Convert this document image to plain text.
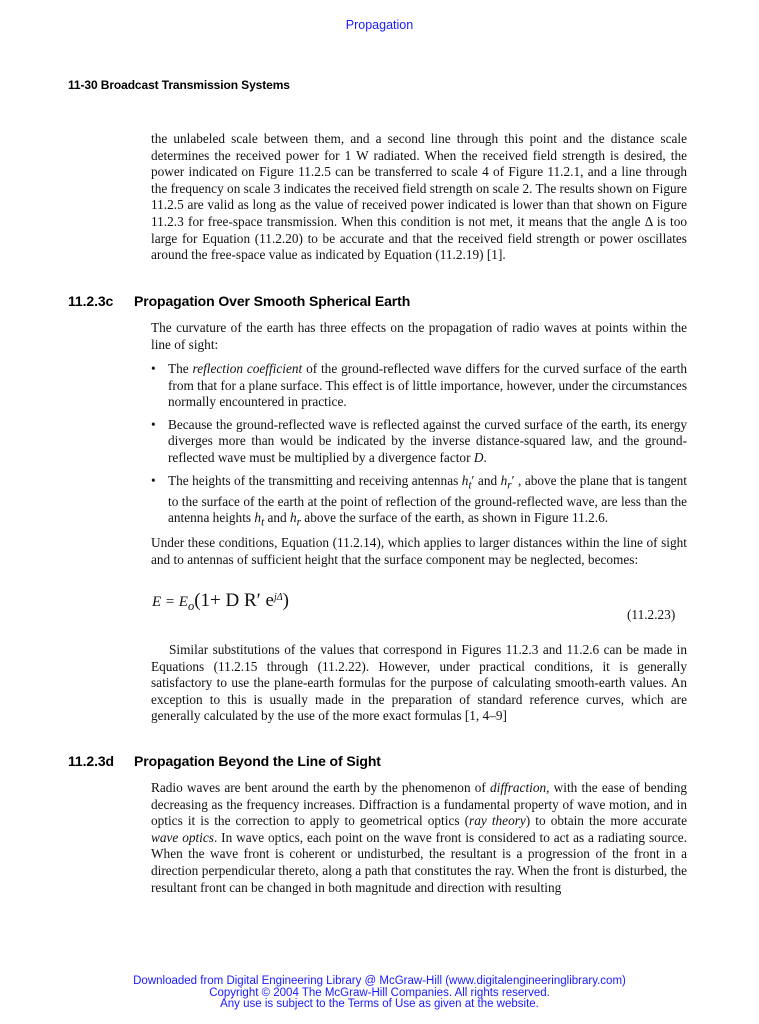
Propagation
11-30 Broadcast Transmission Systems

the unlabeled scale between them, and a second line through this point and the distance scale determines the received power for 1 W radiated. When the received field strength is desired, the power indicated on Figure 11.2.5 can be transferred to scale 4 of Figure 11.2.1, and a line through the frequency on scale 3 indicates the received field strength on scale 2. The results shown on Figure 11.2.5 are valid as long as the value of received power indicated is lower than that shown on Figure 11.2.3 for free-space transmission. When this condition is not met, it means that the angle Δ is too large for Equation (11.2.20) to be accurate and that the received field strength or power oscillates around the free-space value as indicated by Equation (11.2.19) [1].

11.2.3c Propagation Over Smooth Spherical Earth

The curvature of the earth has three effects on the propagation of radio waves at points within the line of sight:

• The reflection coefficient of the ground-reflected wave differs for the curved surface of the earth from that for a plane surface. This effect is of little importance, however, under the circumstances normally encountered in practice.
• Because the ground-reflected wave is reflected against the curved surface of the earth, its energy diverges more than would be indicated by the inverse distance-squared law, and the ground-reflected wave must be multiplied by a divergence factor D.
• The heights of the transmitting and receiving antennas $h_t'$ and $h_r'$ , above the plane that is tangent to the surface of the earth at the point of reflection of the ground-reflected wave, are less than the antenna heights $h_t$ and $h_r$ above the surface of the earth, as shown in Figure 11.2.6.

Under these conditions, Equation (11.2.14), which applies to larger distances within the line of sight and to antennas of sufficient height that the surface component may be neglected, becomes:

$E = E_o(1+ D$ R′ $e^{j\Delta}$)
(11.2.23)

Similar substitutions of the values that correspond in Figures 11.2.3 and 11.2.6 can be made in Equations (11.2.15 through (11.2.22). However, under practical conditions, it is generally satisfactory to use the plane-earth formulas for the purpose of calculating smooth-earth values. An exception to this is usually made in the preparation of standard reference curves, which are generally calculated by the use of the more exact formulas [1, 4–9]

11.2.3d Propagation Beyond the Line of Sight

Radio waves are bent around the earth by the phenomenon of diffraction, with the ease of bending decreasing as the frequency increases. Diffraction is a fundamental property of wave motion, and in optics it is the correction to apply to geometrical optics (ray theory) to obtain the more accurate wave optics. In wave optics, each point on the wave front is considered to act as a radiating source. When the wave front is coherent or undisturbed, the resultant is a progression of the front in a direction perpendicular thereto, along a path that constitutes the ray. When the front is disturbed, the resultant front can be changed in both magnitude and direction with resulting

Downloaded from Digital Engineering Library @ McGraw-Hill (www.digitalengineeringlibrary.com)
Copyright © 2004 The McGraw-Hill Companies. All rights reserved.
Any use is subject to the Terms of Use as given at the website.
